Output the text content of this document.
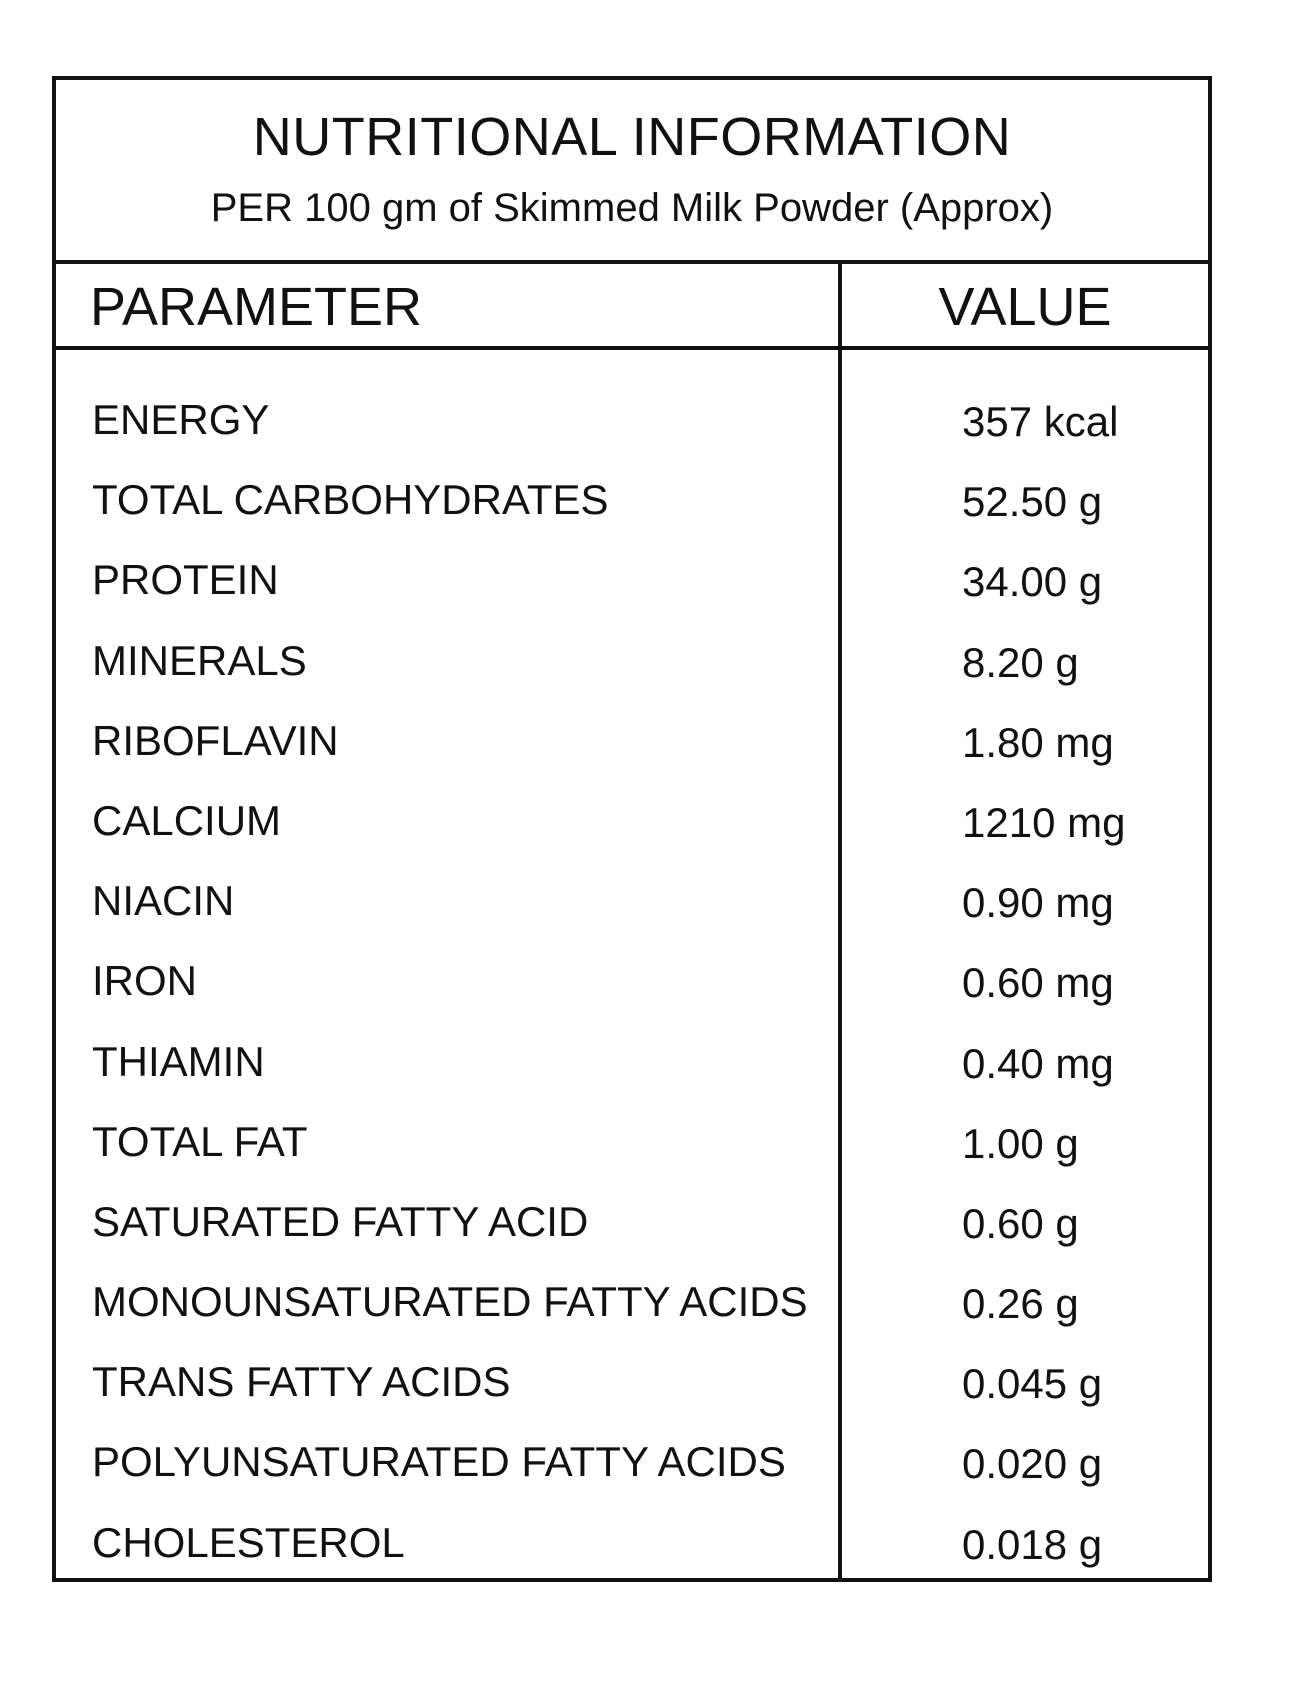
NUTRITIONAL INFORMATION
PER 100 gm of Skimmed Milk Powder (Approx)
PARAMETER	VALUE
ENERGY	357 kcal
TOTAL CARBOHYDRATES	52.50 g
PROTEIN	34.00 g
MINERALS	8.20 g
RIBOFLAVIN	1.80 mg
CALCIUM	1210 mg
NIACIN	0.90 mg
IRON	0.60 mg
THIAMIN	0.40 mg
TOTAL FAT	1.00 g
SATURATED FATTY ACID	0.60 g
MONOUNSATURATED FATTY ACIDS	0.26 g
TRANS FATTY ACIDS	0.045 g
POLYUNSATURATED FATTY ACIDS	0.020 g
CHOLESTEROL	0.018 g
